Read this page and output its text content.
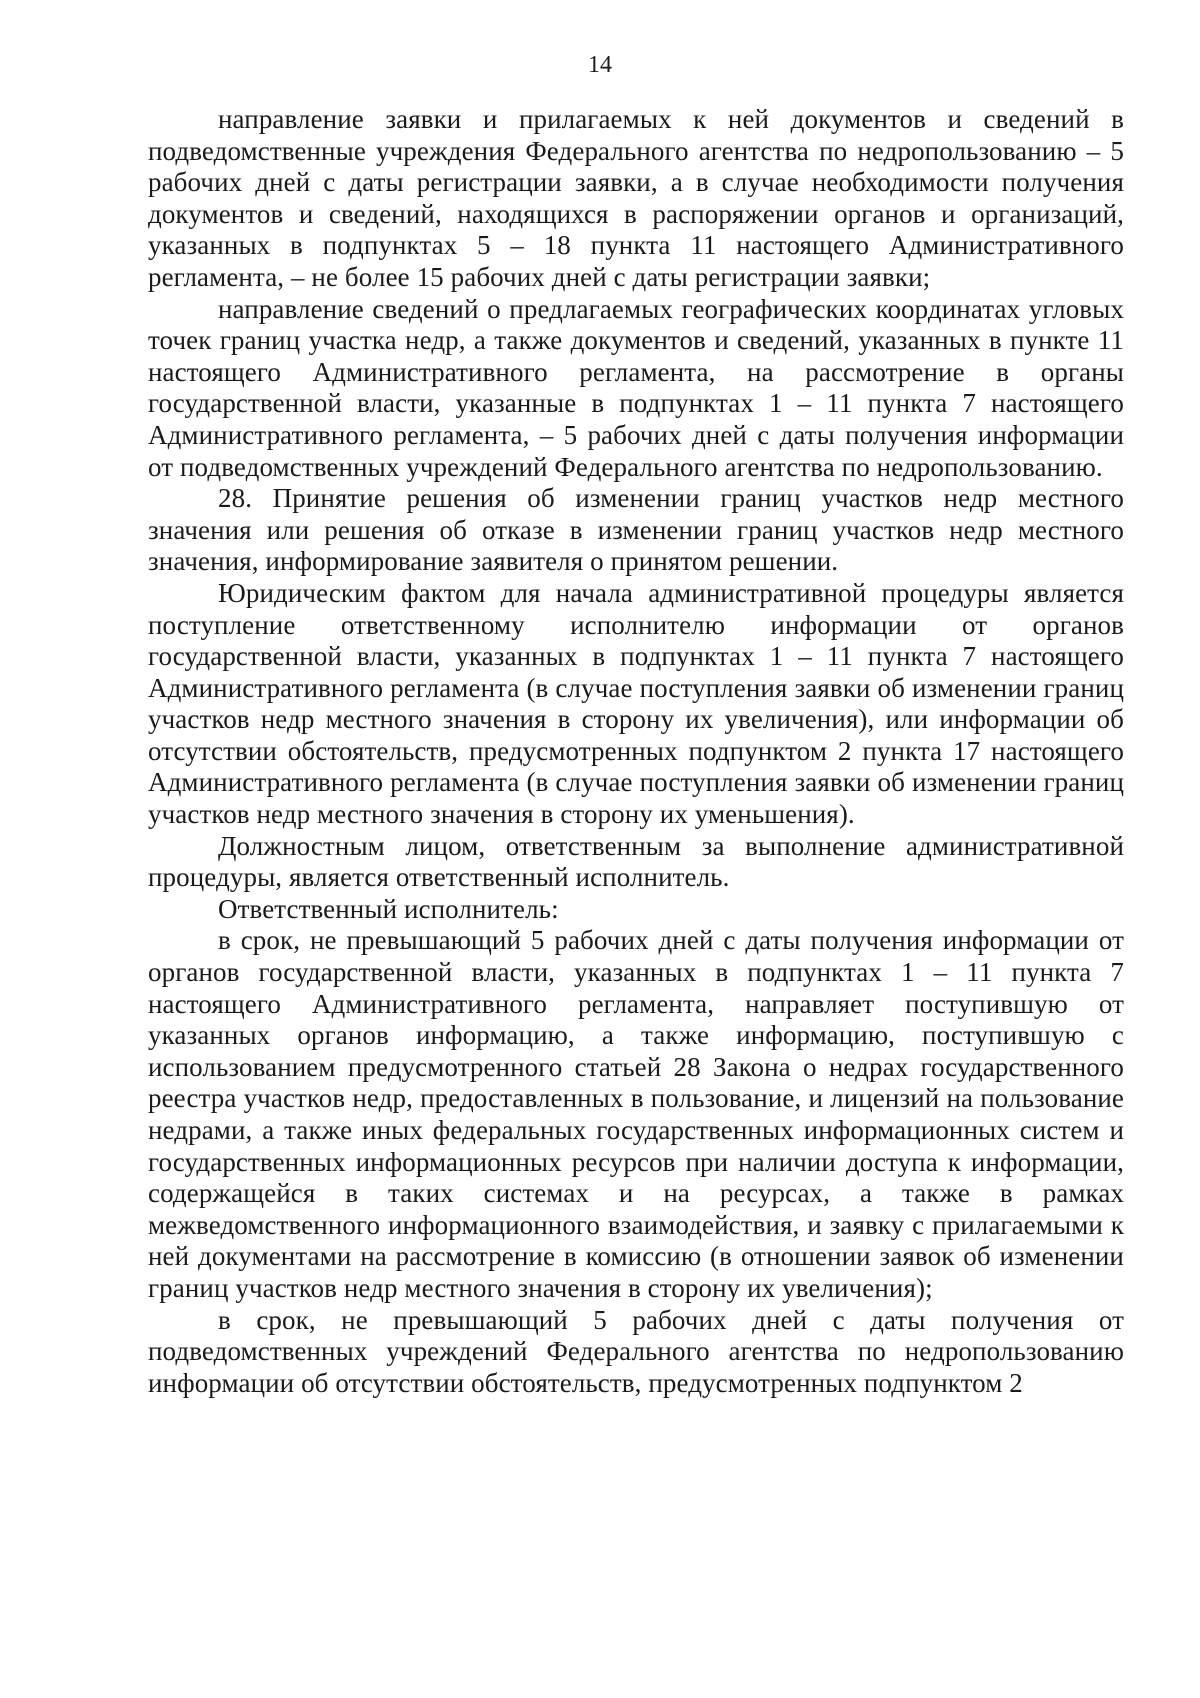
14

направление заявки и прилагаемых к ней документов и сведений в подведомственные учреждения Федерального агентства по недропользованию – 5 рабочих дней с даты регистрации заявки, а в случае необходимости получения документов и сведений, находящихся в распоряжении органов и организаций, указанных в подпунктах 5 – 18 пункта 11 настоящего Административного регламента, – не более 15 рабочих дней с даты регистрации заявки;

направление сведений о предлагаемых географических координатах угловых точек границ участка недр, а также документов и сведений, указанных в пункте 11 настоящего Административного регламента, на рассмотрение в органы государственной власти, указанные в подпунктах 1 – 11 пункта 7 настоящего Административного регламента, – 5 рабочих дней с даты получения информации от подведомственных учреждений Федерального агентства по недропользованию.

28. Принятие решения об изменении границ участков недр местного значения или решения об отказе в изменении границ участков недр местного значения, информирование заявителя о принятом решении.

Юридическим фактом для начала административной процедуры является поступление ответственному исполнителю информации от органов государственной власти, указанных в подпунктах 1 – 11 пункта 7 настоящего Административного регламента (в случае поступления заявки об изменении границ участков недр местного значения в сторону их увеличения), или информации об отсутствии обстоятельств, предусмотренных подпунктом 2 пункта 17 настоящего Административного регламента (в случае поступления заявки об изменении границ участков недр местного значения в сторону их уменьшения).

Должностным лицом, ответственным за выполнение административной процедуры, является ответственный исполнитель.

Ответственный исполнитель:

в срок, не превышающий 5 рабочих дней с даты получения информации от органов государственной власти, указанных в подпунктах 1 – 11 пункта 7 настоящего Административного регламента, направляет поступившую от указанных органов информацию, а также информацию, поступившую с использованием предусмотренного статьей 28 Закона о недрах государственного реестра участков недр, предоставленных в пользование, и лицензий на пользование недрами, а также иных федеральных государственных информационных систем и государственных информационных ресурсов при наличии доступа к информации, содержащейся в таких системах и на ресурсах, а также в рамках межведомственного информационного взаимодействия, и заявку с прилагаемыми к ней документами на рассмотрение в комиссию (в отношении заявок об изменении границ участков недр местного значения в сторону их увеличения);

в срок, не превышающий 5 рабочих дней с даты получения от подведомственных учреждений Федерального агентства по недропользованию информации об отсутствии обстоятельств, предусмотренных подпунктом 2
